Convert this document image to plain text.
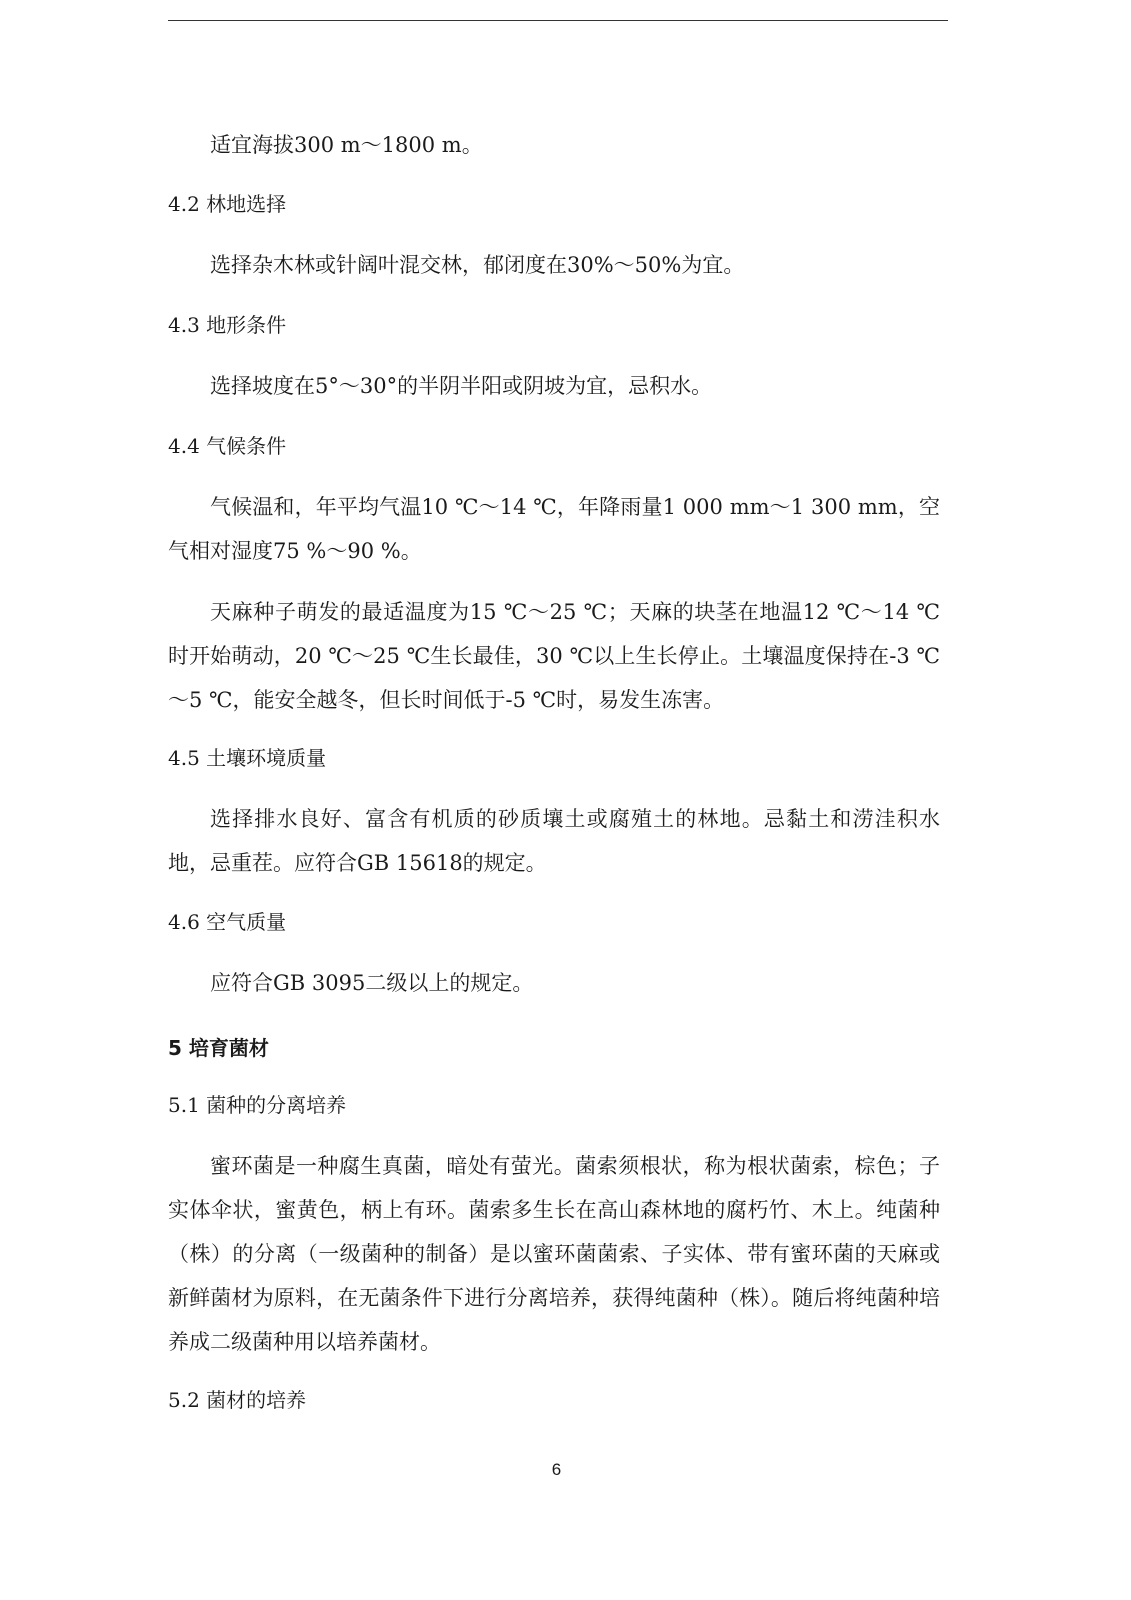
适宜海拔300 m～1800 m。

4.2 林地选择

选择杂木林或针阔叶混交林，郁闭度在30%～50%为宜。

4.3 地形条件

选择坡度在5°～30°的半阴半阳或阴坡为宜，忌积水。

4.4 气候条件

气候温和，年平均气温10 ℃～14 ℃，年降雨量1 000 mm～1 300 mm，空气相对湿度75 %～90 %。

天麻种子萌发的最适温度为15 ℃～25 ℃；天麻的块茎在地温12 ℃～14 ℃时开始萌动，20 ℃～25 ℃生长最佳，30 ℃以上生长停止。土壤温度保持在-3 ℃～5 ℃，能安全越冬，但长时间低于-5 ℃时，易发生冻害。

4.5 土壤环境质量

选择排水良好、富含有机质的砂质壤土或腐殖土的林地。忌黏土和涝洼积水地，忌重茬。应符合GB 15618的规定。

4.6 空气质量

应符合GB 3095二级以上的规定。

5 培育菌材

5.1 菌种的分离培养

蜜环菌是一种腐生真菌，暗处有萤光。菌索须根状，称为根状菌索，棕色；子实体伞状，蜜黄色，柄上有环。菌索多生长在高山森林地的腐朽竹、木上。纯菌种（株）的分离（一级菌种的制备）是以蜜环菌菌索、子实体、带有蜜环菌的天麻或新鲜菌材为原料，在无菌条件下进行分离培养，获得纯菌种（株）。随后将纯菌种培养成二级菌种用以培养菌材。

5.2 菌材的培养

6
